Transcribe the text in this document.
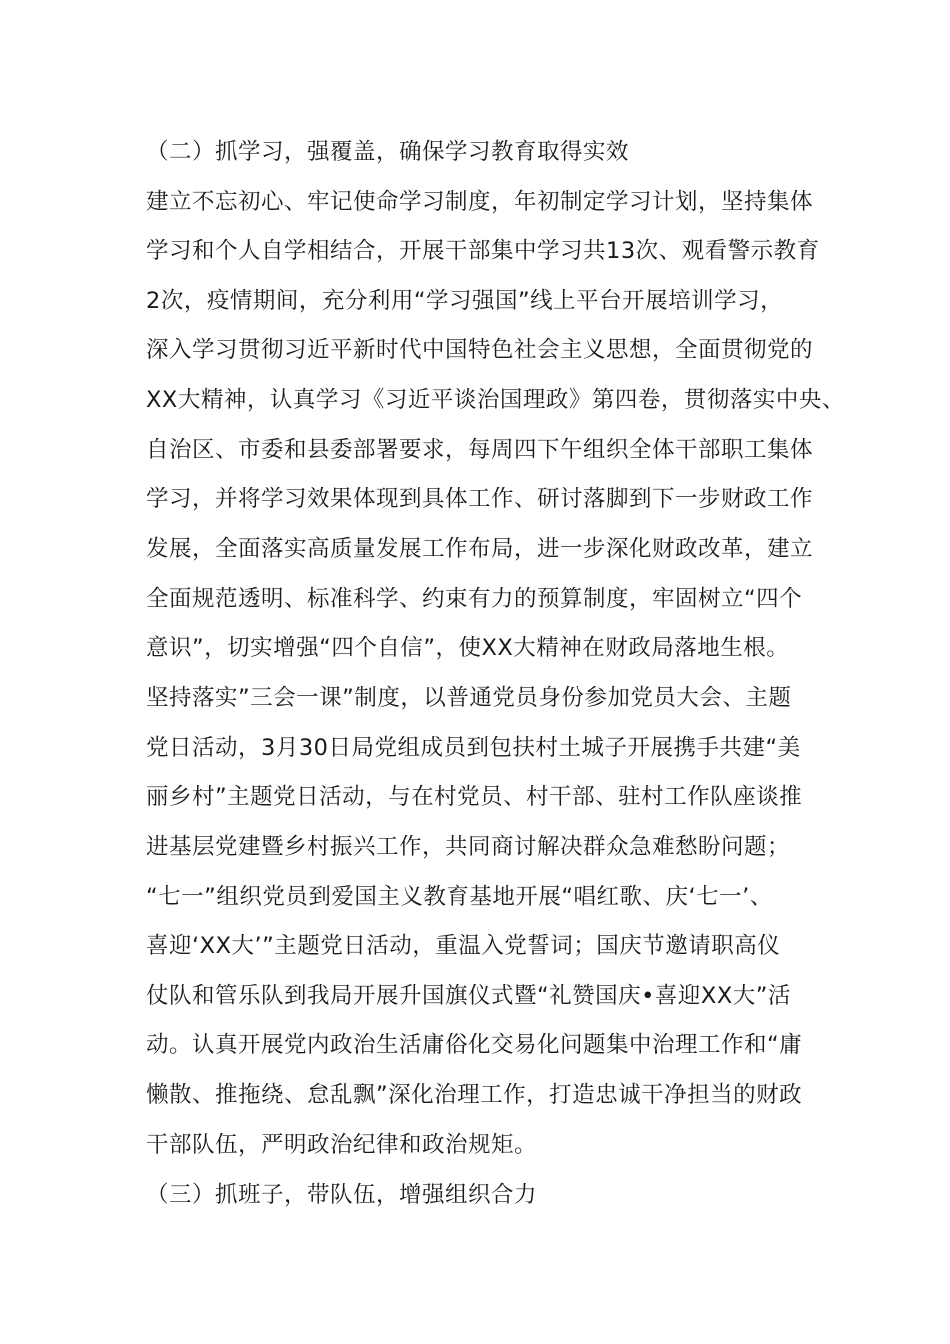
（二）抓学习，强覆盖，确保学习教育取得实效
建立不忘初心、牢记使命学习制度，年初制定学习计划，坚持集体
学习和个人自学相结合，开展干部集中学习共13次、观看警示教育
2次，疫情期间，充分利用“学习强国”线上平台开展培训学习，
深入学习贯彻习近平新时代中国特色社会主义思想，全面贯彻党的
XX大精神，认真学习《习近平谈治国理政》第四卷，贯彻落实中央、
自治区、市委和县委部署要求，每周四下午组织全体干部职工集体
学习，并将学习效果体现到具体工作、研讨落脚到下一步财政工作
发展，全面落实高质量发展工作布局，进一步深化财政改革，建立
全面规范透明、标准科学、约束有力的预算制度，牢固树立“四个
意识”，切实增强“四个自信”，使XX大精神在财政局落地生根。
坚持落实”三会一课”制度，以普通党员身份参加党员大会、主题
党日活动，3月30日局党组成员到包扶村土城子开展携手共建“美
丽乡村”主题党日活动，与在村党员、村干部、驻村工作队座谈推
进基层党建暨乡村振兴工作，共同商讨解决群众急难愁盼问题；
“七一”组织党员到爱国主义教育基地开展“唱红歌、庆‘七一’、
喜迎‘XX大’”主题党日活动，重温入党誓词；国庆节邀请职高仪
仗队和管乐队到我局开展升国旗仪式暨“礼赞国庆•喜迎XX大”活
动。认真开展党内政治生活庸俗化交易化问题集中治理工作和“庸
懒散、推拖绕、怠乱飘”深化治理工作，打造忠诚干净担当的财政
干部队伍，严明政治纪律和政治规矩。
（三）抓班子，带队伍，增强组织合力
